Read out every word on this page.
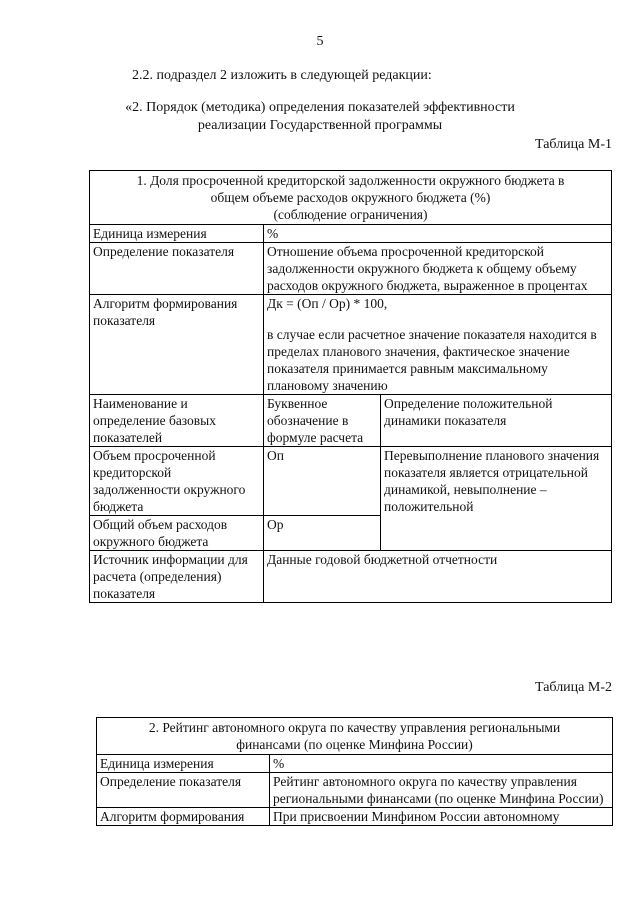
5
2.2. подраздел 2 изложить в следующей редакции:
«2. Порядок (методика) определения показателей эффективности
реализации Государственной программы
Таблица М-1
1. Доля просроченной кредиторской задолженности окружного бюджета в
общем объеме расходов окружного бюджета (%)
(соблюдение ограничения)		

Единица измерения	%	
Определение показателя	Отношение объема просроченной кредиторской задолженности окружного бюджета к общему объему расходов окружного бюджета, выраженное в процентах	
Алгоритм формирования показателя	Дк = (Оп / Ор) * 100,
в случае если расчетное значение показателя находится в пределах планового значения, фактическое значение показателя принимается равным максимальному плановому значению	

Наименование и определение базовых показателей	Буквенное обозначение в формуле расчета	Определение положительной динамики показателя
Объем просроченной кредиторской задолженности окружного бюджета	Оп	Перевыполнение планового значения показателя является отрицательной динамикой, невыполнение – положительной
Общий объем расходов окружного бюджета	Ор	
Источник информации для расчета (определения) показателя	Данные годовой бюджетной отчетности	
Таблица М-2
2. Рейтинг автономного округа по качеству управления региональными
финансами (по оценке Минфина России)	

Единица измерения	%
Определение показателя	Рейтинг автономного округа по качеству управления региональными финансами (по оценке Минфина России)
Алгоритм формирования	При присвоении Минфином России автономному
